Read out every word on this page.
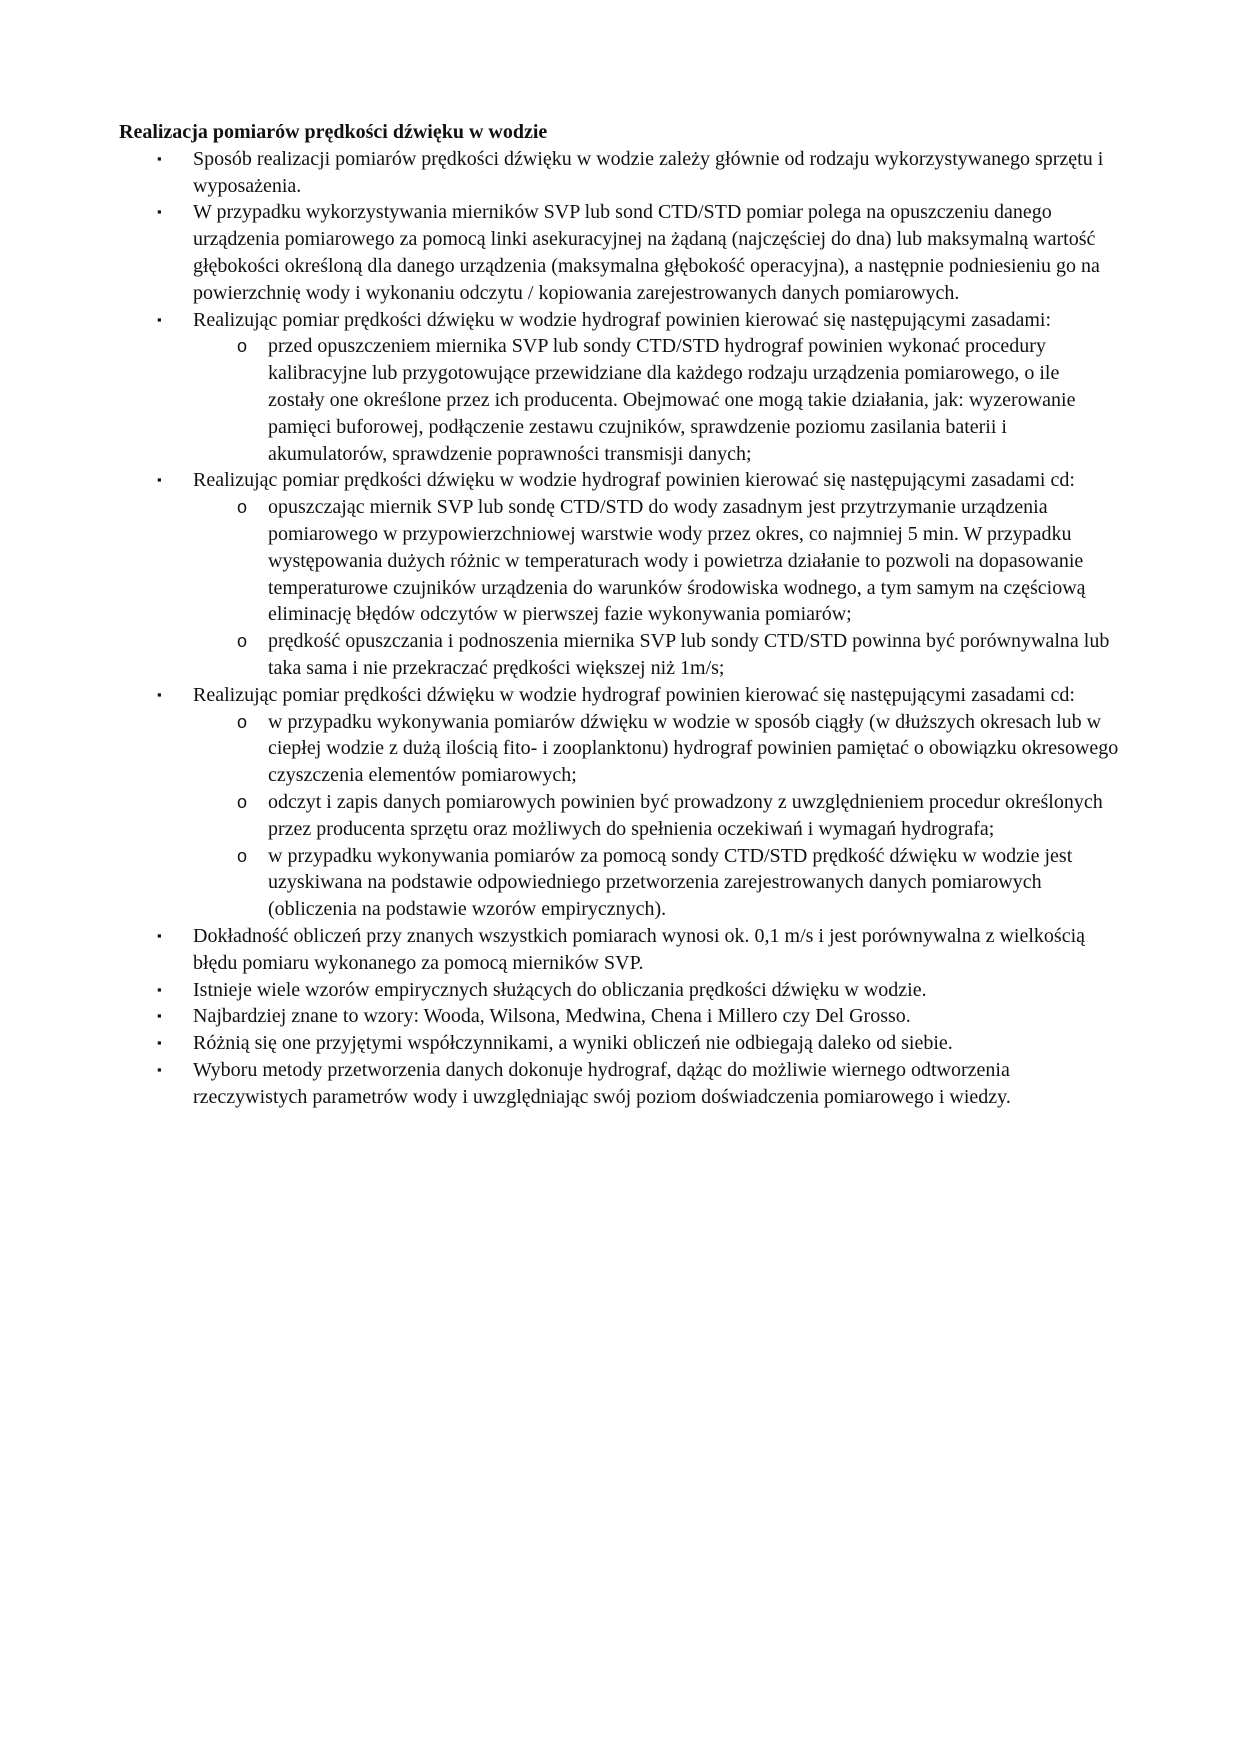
Realizacja pomiarów prędkości dźwięku w wodzie
▪ Sposób realizacji pomiarów prędkości dźwięku w wodzie zależy głównie od rodzaju wykorzystywanego sprzętu i wyposażenia.
▪ W przypadku wykorzystywania mierników SVP lub sond CTD/STD pomiar polega na opuszczeniu danego urządzenia pomiarowego za pomocą linki asekuracyjnej na żądaną (najczęściej do dna) lub maksymalną wartość głębokości określoną dla danego urządzenia (maksymalna głębokość operacyjna), a następnie podniesieniu go na powierzchnię wody i wykonaniu odczytu / kopiowania zarejestrowanych danych pomiarowych.
▪ Realizując pomiar prędkości dźwięku w wodzie hydrograf powinien kierować się następującymi zasadami:
o przed opuszczeniem miernika SVP lub sondy CTD/STD hydrograf powinien wykonać procedury kalibracyjne lub przygotowujące przewidziane dla każdego rodzaju urządzenia pomiarowego, o ile zostały one określone przez ich producenta. Obejmować one mogą takie działania, jak: wyzerowanie pamięci buforowej, podłączenie zestawu czujników, sprawdzenie poziomu zasilania baterii i akumulatorów, sprawdzenie poprawności transmisji danych;
▪ Realizując pomiar prędkości dźwięku w wodzie hydrograf powinien kierować się następującymi zasadami cd:
o opuszczając miernik SVP lub sondę CTD/STD do wody zasadnym jest przytrzymanie urządzenia pomiarowego w przypowierzchniowej warstwie wody przez okres, co najmniej 5 min. W przypadku występowania dużych różnic w temperaturach wody i powietrza działanie to pozwoli na dopasowanie temperaturowe czujników urządzenia do warunków środowiska wodnego, a tym samym na częściową eliminację błędów odczytów w pierwszej fazie wykonywania pomiarów;
o prędkość opuszczania i podnoszenia miernika SVP lub sondy CTD/STD powinna być porównywalna lub taka sama i nie przekraczać prędkości większej niż 1m/s;
▪ Realizując pomiar prędkości dźwięku w wodzie hydrograf powinien kierować się następującymi zasadami cd:
o w przypadku wykonywania pomiarów dźwięku w wodzie w sposób ciągły (w dłuższych okresach lub w ciepłej wodzie z dużą ilością fito- i zooplanktonu) hydrograf powinien pamiętać o obowiązku okresowego czyszczenia elementów pomiarowych;
o odczyt i zapis danych pomiarowych powinien być prowadzony z uwzględnieniem procedur określonych przez producenta sprzętu oraz możliwych do spełnienia oczekiwań i wymagań hydrografa;
o w przypadku wykonywania pomiarów za pomocą sondy CTD/STD prędkość dźwięku w wodzie jest uzyskiwana na podstawie odpowiedniego przetworzenia zarejestrowanych danych pomiarowych (obliczenia na podstawie wzorów empirycznych).
▪ Dokładność obliczeń przy znanych wszystkich pomiarach wynosi ok. 0,1 m/s i jest porównywalna z wielkością błędu pomiaru wykonanego za pomocą mierników SVP.
▪ Istnieje wiele wzorów empirycznych służących do obliczania prędkości dźwięku w wodzie.
▪ Najbardziej znane to wzory: Wooda, Wilsona, Medwina, Chena i Millero czy Del Grosso.
▪ Różnią się one przyjętymi współczynnikami, a wyniki obliczeń nie odbiegają daleko od siebie.
▪ Wyboru metody przetworzenia danych dokonuje hydrograf, dążąc do możliwie wiernego odtworzenia rzeczywistych parametrów wody i uwzględniając swój poziom doświadczenia pomiarowego i wiedzy.
